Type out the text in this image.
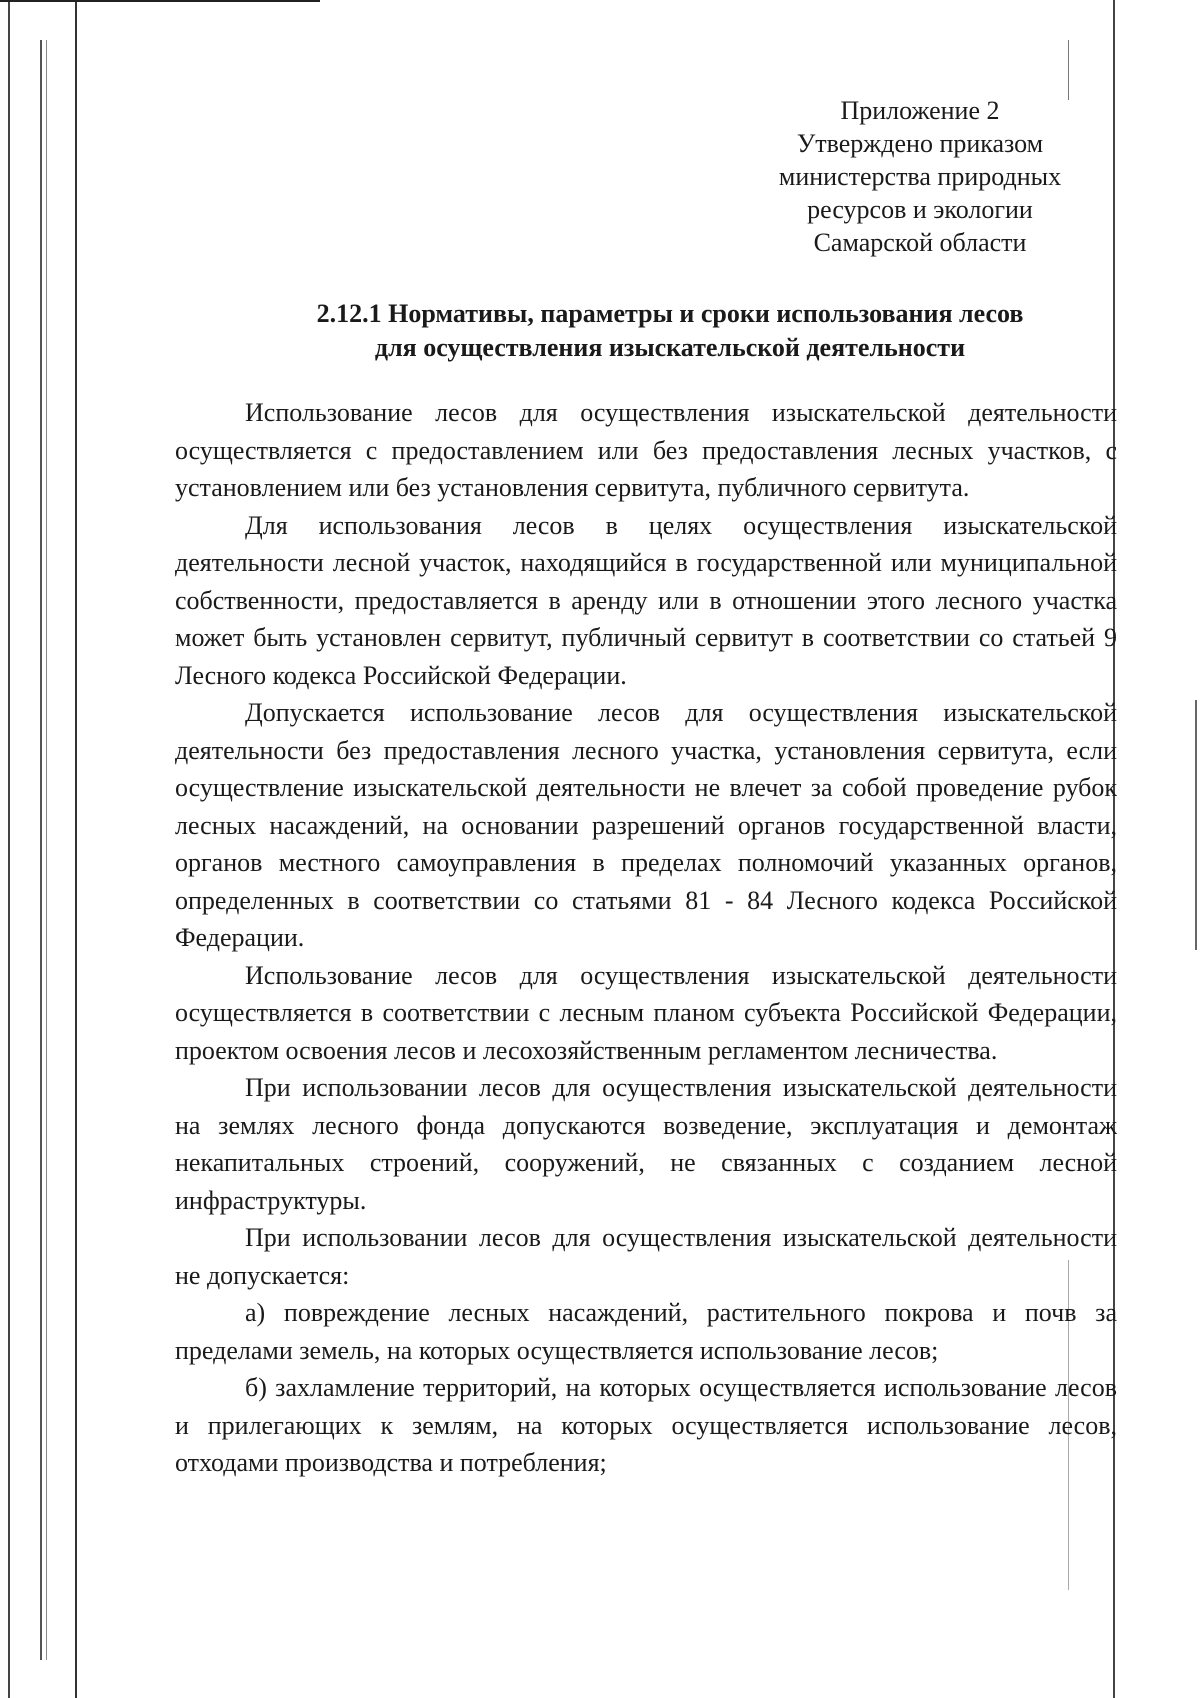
Приложение 2
Утверждено приказом
министерства природных
ресурсов и экологии
Самарской области
2.12.1 Нормативы, параметры и сроки использования лесов
для осуществления изыскательской деятельности

Использование лесов для осуществления изыскательской деятельности осуществляется с предоставлением или без предоставления лесных участков, с установлением или без установления сервитута, публичного сервитута.

Для использования лесов в целях осуществления изыскательской деятельности лесной участок, находящийся в государственной или муниципальной собственности, предоставляется в аренду или в отношении этого лесного участка может быть установлен сервитут, публичный сервитут в соответствии со статьей 9 Лесного кодекса Российской Федерации.

Допускается использование лесов для осуществления изыскательской деятельности без предоставления лесного участка, установления сервитута, если осуществление изыскательской деятельности не влечет за собой проведение рубок лесных насаждений, на основании разрешений органов государственной власти, органов местного самоуправления в пределах полномочий указанных органов, определенных в соответствии со статьями 81 - 84 Лесного кодекса Российской Федерации.

Использование лесов для осуществления изыскательской деятельности осуществляется в соответствии с лесным планом субъекта Российской Федерации, проектом освоения лесов и лесохозяйственным регламентом лесничества.

При использовании лесов для осуществления изыскательской деятельности на землях лесного фонда допускаются возведение, эксплуатация и демонтаж некапитальных строений, сооружений, не связанных с созданием лесной инфраструктуры.

При использовании лесов для осуществления изыскательской деятельности не допускается:

а) повреждение лесных насаждений, растительного покрова и почв за пределами земель, на которых осуществляется использование лесов;

б) захламление территорий, на которых осуществляется использование лесов и прилегающих к землям, на которых осуществляется использование лесов, отходами производства и потребления;
